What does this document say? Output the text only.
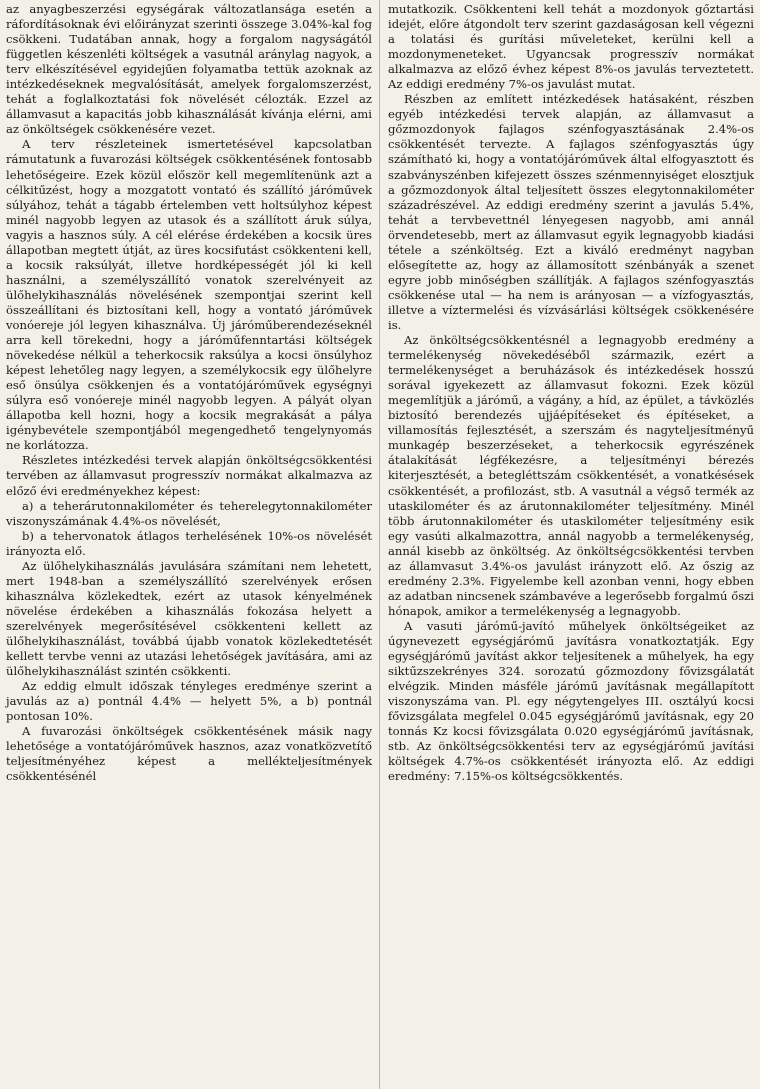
az anyagbeszerzési egységárak változatlansága esetén a ráfordításoknak évi előirányzat szerinti összege 3.04%-kal fog csökkeni. Tudatában annak, hogy a forgalom nagyságától független készenléti költségek a vasutnál aránylag nagyok, a terv elkészítésével egyidejűen folyamatba tettük azoknak az intézkedéseknek megvalósítását, amelyek forgalomszerzést, tehát a foglalkoztatási fok növelését célozták. Ezzel az államvasut a kapacitás jobb kihasználását kívánja elérni, ami az önköltségek csökkenésére vezet.

A terv részleteinek ismertetésével kapcsolatban rámutatunk a fuvarozási költségek csökkentésének fontosabb lehetőségeire. Ezek közül először kell megemlítenünk azt a célkitűzést, hogy a mozgatott vontató és szállító járóművek súlyához, tehát a tágabb értelemben vett holtsúlyhoz képest minél nagyobb legyen az utasok és a szállított áruk súlya, vagyis a hasznos súly. A cél elérése érdekében a kocsik üres állapotban megtett útját, az üres kocsifutást csökkenteni kell, a kocsik raksúlyát, illetve hordképességét jól ki kell használni, a személyszállító vonatok szerelvényeit az ülőhelykihasználás növelésének szempontjai szerint kell összeállítani és biztosítani kell, hogy a vontató járóművek vonóereje jól legyen kihasználva. Új járóműberendezéseknél arra kell törekedni, hogy a járóműfenntartási költségek növekedése nélkül a teherkocsik raksúlya a kocsi önsúlyhoz képest lehetőleg nagy legyen, a személykocsik egy ülőhelyre eső önsúlya csökkenjen és a vontatójáróművek egységnyi súlyra eső vonóereje minél nagyobb legyen. A pályát olyan állapotba kell hozni, hogy a kocsik megrakását a pálya igénybevétele szempontjából megengedhető tengelynyomás ne korlátozza.

Részletes intézkedési tervek alapján önköltségcsökkentési tervében az államvasut progresszív normákat alkalmazva az előző évi eredményekhez képest:

a) a teherárutonnakilométer és teherelegytonnakilométer viszonyszámának 4.4%-os növelését,

b) a tehervonatok átlagos terhelésének 10%-os növelését irányozta elő.

Az ülőhelykihasználás javulására számítani nem lehetett, mert 1948-ban a személyszállító szerelvények erősen kihasználva közlekedtek, ezért az utasok kényelmének növelése érdekében a kihasználás fokozása helyett a szerelvények megerősítésével csökkenteni kellett az ülőhelykihasználást, továbbá újabb vonatok közlekedtetését kellett tervbe venni az utazási lehetőségek javítására, ami az ülőhelykihasználást szintén csökkenti.

Az eddig elmult időszak tényleges eredménye szerint a javulás az a) pontnál 4.4% — helyett 5%, a b) pontnál pontosan 10%.

A fuvarozási önköltségek csökkentésének másik nagy lehetősége a vontatójáróművek hasznos, azaz vonatközvetítő teljesítményéhez képest a mellékteljesítmények csökkentésénél

mutatkozik. Csökkenteni kell tehát a mozdonyok gőztartási idejét, előre átgondolt terv szerint gazdaságosan kell végezni a tolatási és gurítási műveleteket, kerülni kell a mozdonymeneteket. Ugyancsak progresszív normákat alkalmazva az előző évhez képest 8%-os javulás terveztetett. Az eddigi eredmény 7%-os javulást mutat.

Részben az említett intézkedések hatásaként, részben egyéb intézkedési tervek alapján, az államvasut a gőzmozdonyok fajlagos szénfogyasztásának 2.4%-os csökkentését tervezte. A fajlagos szénfogyasztás úgy számítható ki, hogy a vontatójáróművek által elfogyasztott és szabványszénben kifejezett összes szénmennyiséget elosztjuk a gőzmozdonyok által teljesített összes elegytonnakilométer századrészével. Az eddigi eredmény szerint a javulás 5.4%, tehát a tervbevettnél lényegesen nagyobb, ami annál örvendetesebb, mert az államvasut egyik legnagyobb kiadási tétele a szénköltség. Ezt a kiváló eredményt nagyban elősegítette az, hogy az államosított szénbányák a szenet egyre jobb minőségben szállítják. A fajlagos szénfogyasztás csökkenése utal — ha nem is arányosan — a vízfogyasztás, illetve a víztermelési és vízvásárlási költségek csökkenésére is.

Az önköltségcsökkentésnél a legnagyobb eredmény a termelékenység növekedéséből származik, ezért a termelékenységet a beruházások és intézkedések hosszú sorával igyekezett az államvasut fokozni. Ezek közül megemlítjük a járómű, a vágány, a híd, az épület, a távközlés biztosító berendezés ujjáépítéseket és építéseket, a villamosítás fejlesztését, a szerszám és nagyteljesítményű munkagép beszerzéseket, a teherkocsik egyrészének átalakítását légfékezésre, a teljesítményi bérezés kiterjesztését, a betegléttszám csökkentését, a vonatkésések csökkentését, a profilozást, stb. A vasutnál a végső termék az utaskilométer és az árutonnakilométer teljesítmény. Minél több árutonnakilométer és utaskilométer teljesítmény esik egy vasúti alkalmazottra, annál nagyobb a termelékenység, annál kisebb az önköltség. Az önköltségcsökkentési tervben az államvasut 3.4%-os javulást irányzott elő. Az őszig az eredmény 2.3%. Figyelembe kell azonban venni, hogy ebben az adatban nincsenek számbavéve a legerősebb forgalmú őszi hónapok, amikor a termelékenység a legnagyobb.

A vasuti járómű-javító műhelyek önköltségeiket az úgynevezett egységjárómű javításra vonatkoztatják. Egy egységjárómű javítást akkor teljesítenek a műhelyek, ha egy siktűzszekrényes 324. sorozatú gőzmozdony fővizsgálatát elvégzik. Minden másféle járómű javításnak megállapított viszonyszáma van. Pl. egy négytengelyes III. osztályú kocsi fővizsgálata megfelel 0.045 egységjárómű javításnak, egy 20 tonnás Kz kocsi fővizsgálata 0.020 egységjárómű javításnak, stb. Az önköltségcsökkentési terv az egységjárómű javítási költségek 4.7%-os csökkentését irányozta elő. Az eddigi eredmény: 7.15%-os költségcsökkentés.
